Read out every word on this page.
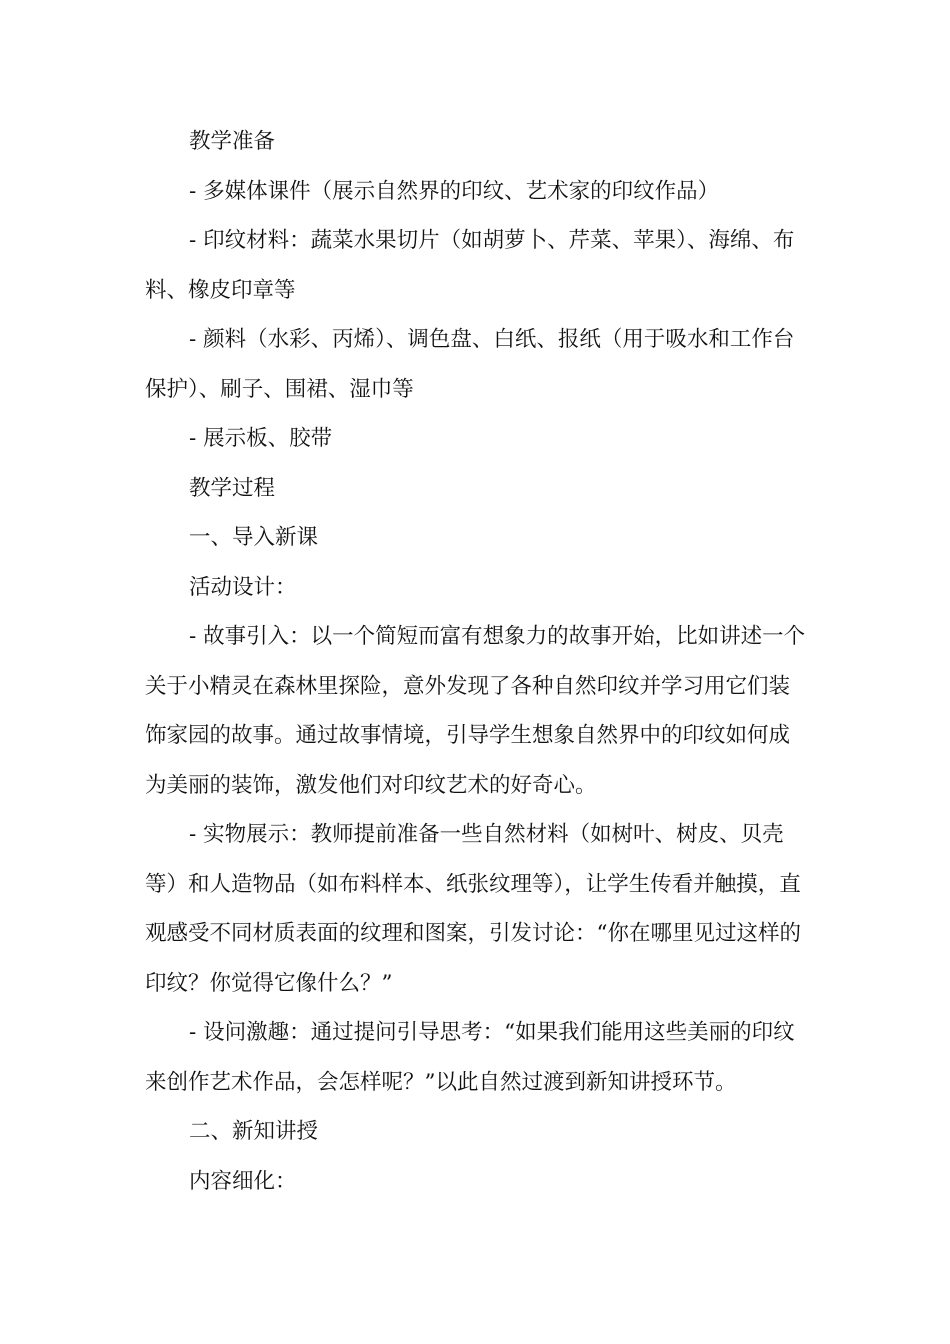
教学准备

- 多媒体课件（展示自然界的印纹、艺术家的印纹作品）

- 印纹材料：蔬菜水果切片（如胡萝卜、芹菜、苹果）、海绵、布料、橡皮印章等

- 颜料（水彩、丙烯）、调色盘、白纸、报纸（用于吸水和工作台保护）、刷子、围裙、湿巾等

- 展示板、胶带

教学过程

一、导入新课

活动设计：

- 故事引入：以一个简短而富有想象力的故事开始，比如讲述一个关于小精灵在森林里探险，意外发现了各种自然印纹并学习用它们装饰家园的故事。通过故事情境，引导学生想象自然界中的印纹如何成为美丽的装饰，激发他们对印纹艺术的好奇心。

- 实物展示：教师提前准备一些自然材料（如树叶、树皮、贝壳等）和人造物品（如布料样本、纸张纹理等），让学生传看并触摸，直观感受不同材质表面的纹理和图案，引发讨论：“你在哪里见过这样的印纹？你觉得它像什么？”

- 设问激趣：通过提问引导思考：“如果我们能用这些美丽的印纹来创作艺术作品，会怎样呢？”以此自然过渡到新知讲授环节。

二、新知讲授

内容细化：
